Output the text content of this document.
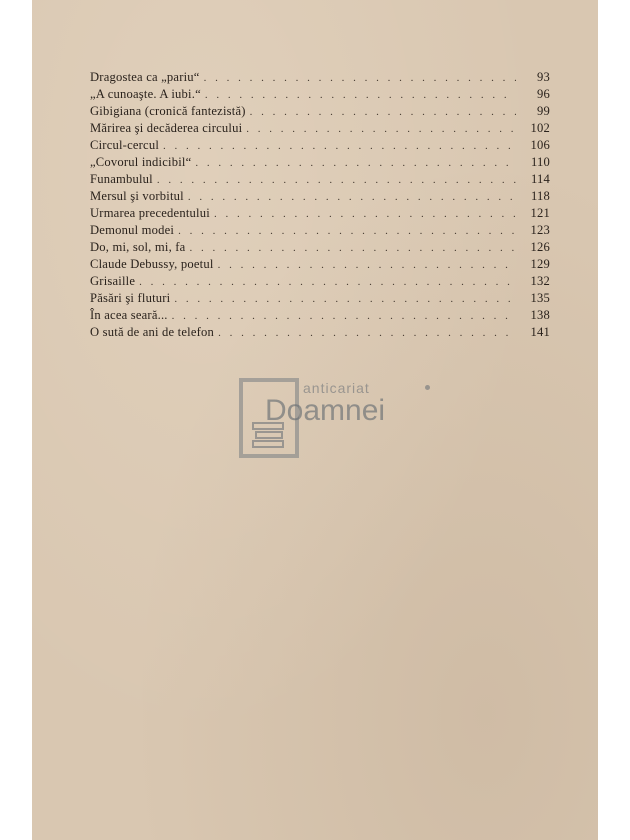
Dragostea ca „pariu“ . . .	93
„A cunoaşte. A iubi.“ . . .	96
Gibigiana (cronică fantezistă) . . .	99
Mărirea şi decăderea circului . . .	102
Circul-cercul . . .	106
„Covorul indicibil“ . . .	110
Funambulul . . .	114
Mersul şi vorbitul . . .	118
Urmarea precedentului . . .	121
Demonul modei . . .	123
Do, mi, sol, mi, fa . . .	126
Claude Debussy, poetul . . .	129
Grisaille . . .	132
Păsări şi fluturi . . .	135
În acea seară... . . .	138
O sută de ani de telefon . . .	141
anticariat
Doamnei
